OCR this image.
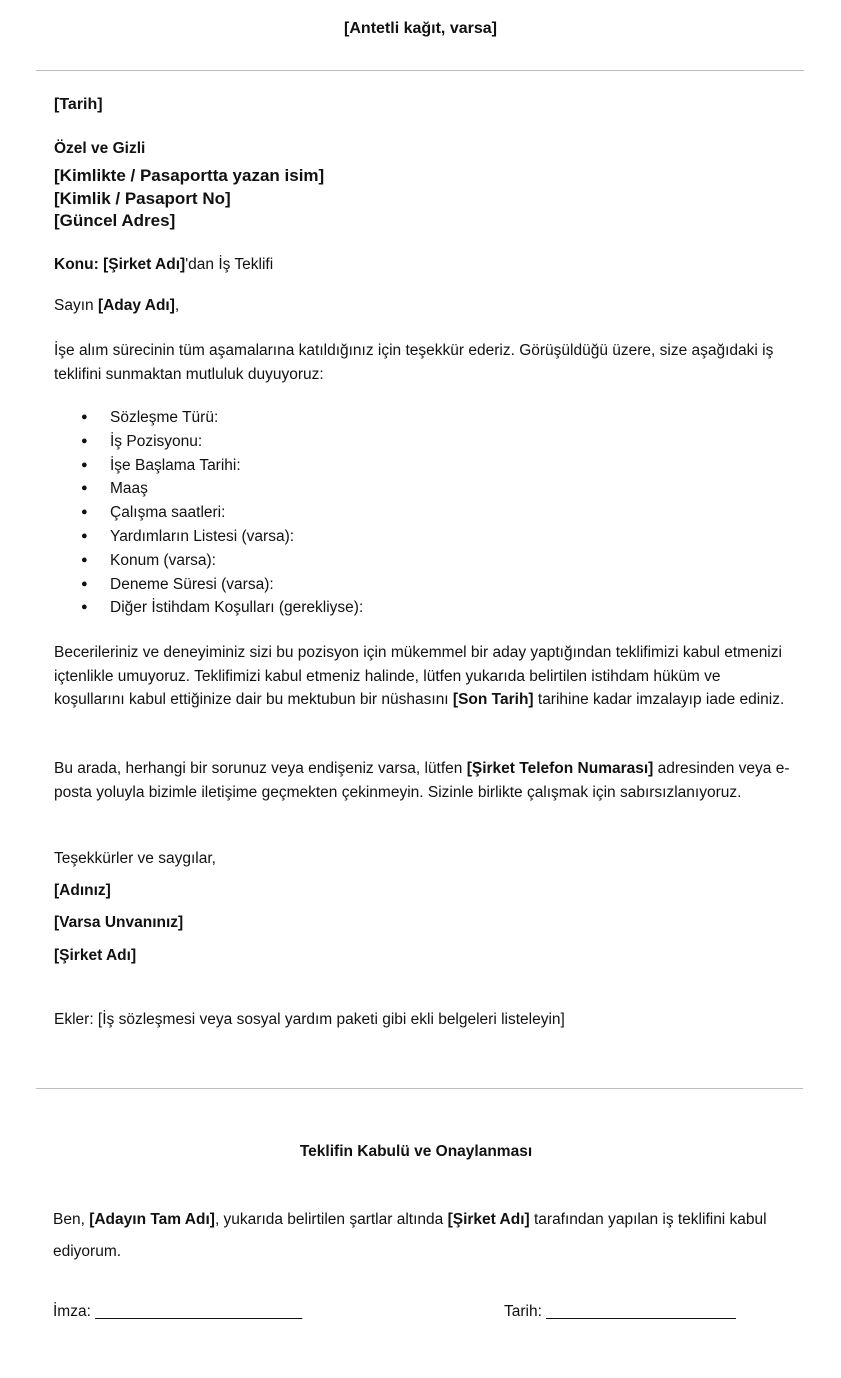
[Antetli kağıt, varsa]
[Tarih]
Özel ve Gizli
[Kimlikte / Pasaportta yazan isim]
[Kimlik / Pasaport No]
[Güncel Adres]
Konu: [Şirket Adı]'dan İş Teklifi
Sayın [Aday Adı],
İşe alım sürecinin tüm aşamalarına katıldığınız için teşekkür ederiz. Görüşüldüğü üzere, size aşağıdaki iş teklifini sunmaktan mutluluk duyuyoruz:
● Sözleşme Türü:
● İş Pozisyonu:
● İşe Başlama Tarihi:
● Maaş
● Çalışma saatleri:
● Yardımların Listesi (varsa):
● Konum (varsa):
● Deneme Süresi (varsa):
● Diğer İstihdam Koşulları (gerekliyse):
Becerileriniz ve deneyiminiz sizi bu pozisyon için mükemmel bir aday yaptığından teklifimizi kabul etmenizi içtenlikle umuyoruz. Teklifimizi kabul etmeniz halinde, lütfen yukarıda belirtilen istihdam hüküm ve koşullarını kabul ettiğinize dair bu mektubun bir nüshasını [Son Tarih] tarihine kadar imzalayıp iade ediniz.
Bu arada, herhangi bir sorunuz veya endişeniz varsa, lütfen [Şirket Telefon Numarası] adresinden veya e-posta yoluyla bizimle iletişime geçmekten çekinmeyin. Sizinle birlikte çalışmak için sabırsızlanıyoruz.
Teşekkürler ve saygılar,
[Adınız]
[Varsa Unvanınız]
[Şirket Adı]
Ekler: [İş sözleşmesi veya sosyal yardım paketi gibi ekli belgeleri listeleyin]
Teklifin Kabulü ve Onaylanması
Ben, [Adayın Tam Adı], yukarıda belirtilen şartlar altında [Şirket Adı] tarafından yapılan iş teklifini kabul ediyorum.
İmza: ________________________	Tarih: ______________________
